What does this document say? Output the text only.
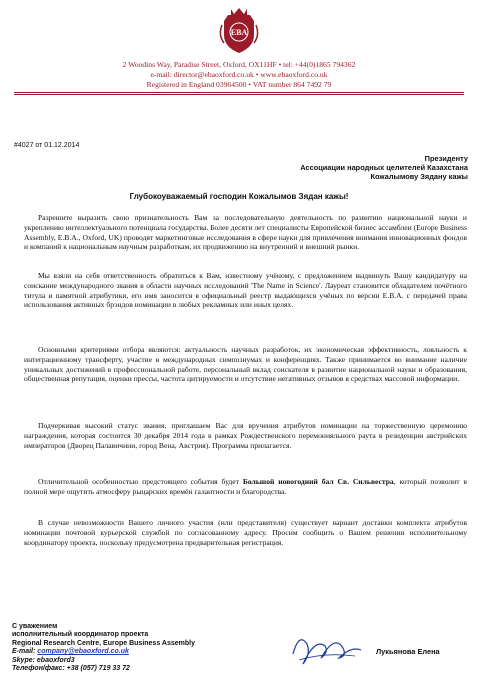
EBA
2 Woodins Way, Paradise Street, Oxford, OX11HF • tel: +44(0)1865 794362
e-mail: director@ebaoxford.co.uk • www.ebaoxford.co.uk
Registered in England 03964500 • VAT number 864 7492 79
#4027 от 01.12.2014
Президенту
Ассоциации народных целителей Казахстана
Кожалымову Зядану кажы
Глубокоуважаемый господин Кожалымов Зядан кажы!
Разрешите выразить свою признательность Вам за последовательную деятельность по развитию национальной науки и укреплению интеллектуального потенциала государства. Более десяти лет специалисты Европейской бизнес ассамблеи (Europe Business Assembly, E.B.A., Oxford, UK) проводят маркетинговые исследования в сфере науки для привлечения внимания инновационных фондов и компаний к национальным научным разработкам, их продвижению на внутренний и внешний рынки.
Мы взяли на себя ответственность обратиться к Вам, известному учёному, с предложением выдвинуть Вашу кандидатуру на соискание международного звания в области научных исследований 'The Name in Science'. Лауреат становится обладателем почётного титула и памятной атрибутики, его имя заносится в официальный реестр выдающихся учёных по версии E.B.A. с передачей права использования активных брэндов номинации в любых рекламных или иных целях.
Основными критериями отбора являются: актуальность научных разработок, их экономическая эффективность, лояльность к интеграционному трансферту, участие в международных симпозиумах и конференциях. Также принимается во внимание наличие уникальных достижений в профессиональной работе, персональный вклад соискателя в развитие национальной науки и образования, общественная репутация, оценки прессы, частота цитируемости и отсутствие негативных отзывов в средствах массовой информации.
Подчеркивая высокий статус звания, приглашаем Вас для вручения атрибутов номинации на торжественную церемонию награждения, которая состоится 30 декабря 2014 года в рамках Рождественского перемонияльного раута в резиденции австрийских императоров (Дворец Палавичини, город Вена, Австрия). Программа прилагается.
Отличительной особенностью предстоящего события будет Большой новогодний бал Св. Сильвестра, который позволит в полной мере ощутить атмосферу рыцарских времён галантности и благородства.
В случае невозможности Вашего личного участия (или представителя) существует вариант доставки комплекта атрибутов номинации почтовой курьерской службой по согласованному адресу. Просим сообщить о Вашем решении исполнительному координатору проекта, поскольку предусмотрена предварительная регистрация.
С уважением
исполнительный координатор проекта
Regional Research Centre, Europe Business Assembly
E-mail: company@ebaoxford.co.uk
Skype: ebaoxford3
Телефон/факс: +38 (057) 719 33 72
Лукьянова Елена
